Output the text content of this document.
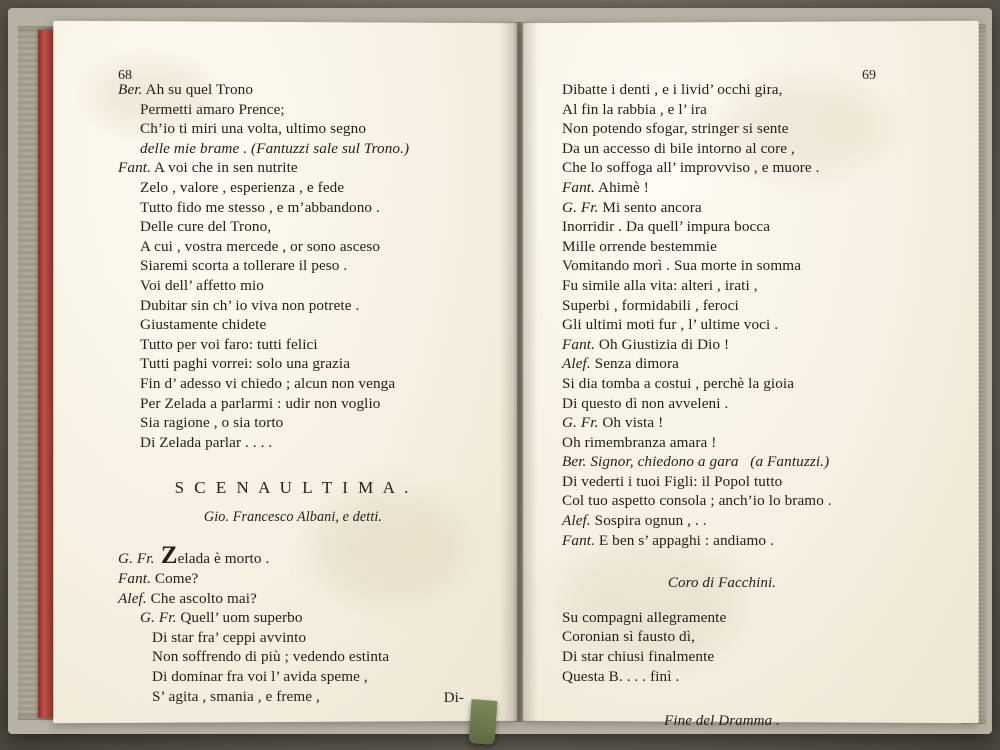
68	69
Ber. Ah su quel Trono
Permetti amaro Prence;
Ch’io ti miri una volta, ultimo segno
delle mie brame . (Fantuzzi sale sul Trono.)
Fant. A voi che in sen nutrite
Zelo , valore , esperienza , e fede
Tutto fido me stesso , e m’abbandono .
Delle cure del Trono,
A cui , vostra mercede , or sono asceso
Siaremi scorta a tollerare il peso .
Voi dell’ affetto mio
Dubitar sin ch’ io viva non potrete .
Giustamente chidete
Tutto per voi faro: tutti felici
Tutti paghi vorrei: solo una grazia
Fin d’ adesso vi chiedo ; alcun non venga
Per Zelada a parlarmi : udir non voglio
Sia ragione , o sia torto
Di Zelada parlar . . . .
S C E N A U L T I M A .
Gio. Francesco Albani, e detti.
G. Fr. Zelada è morto .
Fant. Come?
Alef. Che ascolto mai?
G. Fr. Quell’ uom superbo
Di star fra’ ceppi avvinto
Non soffrendo di più ; vedendo estinta
Di dominar fra voi l’ avida speme ,
S’ agita , smania , e freme ,	Di-
Dibatte i denti , e i livid’ occhi gira,
Al fin la rabbia , e l’ ira
Non potendo sfogar, stringer si sente
Da un accesso di bile intorno al core ,
Che lo soffoga all’ improvviso , e muore .
Fant. Ahimè !
G. Fr. Mi sento ancora
Inorridir . Da quell’ impura bocca
Mille orrende bestemmie
Vomitando morì . Sua morte in somma
Fu simile alla vita: alteri , irati ,
Superbi , formidabili , feroci
Gli ultimi moti fur , l’ ultime voci .
Fant. Oh Giustizia di Dio !
Alef. Senza dimora
Si dia tomba a costui , perchè la gioia
Di questo dì non avveleni .
G. Fr. Oh vista !
Oh rimembranza amara !
Ber. Signor, chiedono a gara   (a Fantuzzi.)
Di vederti i tuoi Figli: il Popol tutto
Col tuo aspetto consola ; anch’io lo bramo .
Alef. Sospira ognun , . .
Fant. E ben s’ appaghi : andiamo .
Coro di Facchini.
Su compagni allegramente
Coronian sì fausto dì,
Di star chiusi finalmente
Questa B. . . . finì .
Fine del Dramma .
